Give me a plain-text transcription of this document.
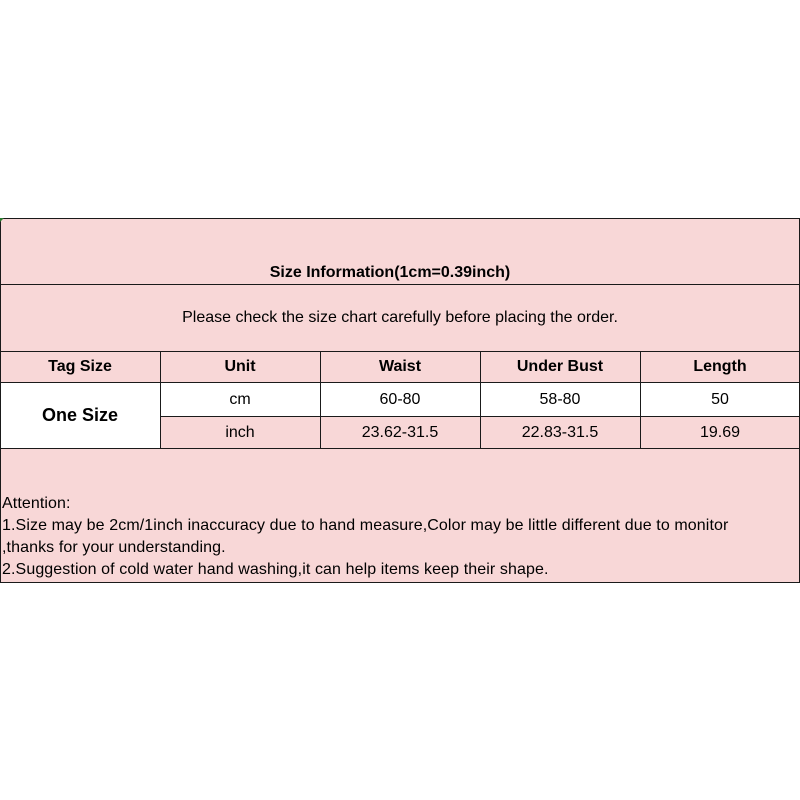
Size Information(1cm=0.39inch)
Please check the size chart carefully before placing the order.
Tag Size	Unit	Waist	Under Bust	Length
One Size
cm	60-80	58-80	50
inch	23.62-31.5	22.83-31.5	19.69
Attention:
1.Size may be 2cm/1inch inaccuracy due to hand measure,Color may be little different due to monitor
,thanks for your understanding.
2.Suggestion of cold water hand washing,it can help items keep their shape.
